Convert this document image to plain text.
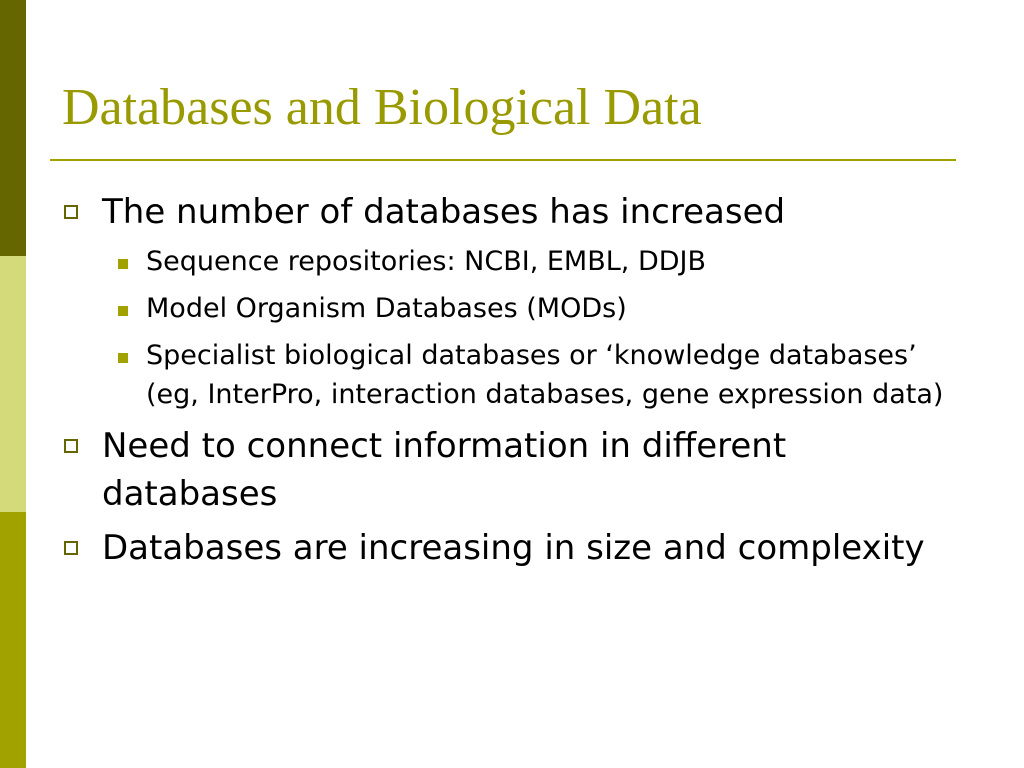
Databases and Biological Data
The number of databases has increased
Sequence repositories: NCBI, EMBL, DDJB
Model Organism Databases (MODs)
Specialist biological databases or ‘knowledge databases’ (eg, InterPro, interaction databases, gene expression data)
Need to connect information in different databases
Databases are increasing in size and complexity
